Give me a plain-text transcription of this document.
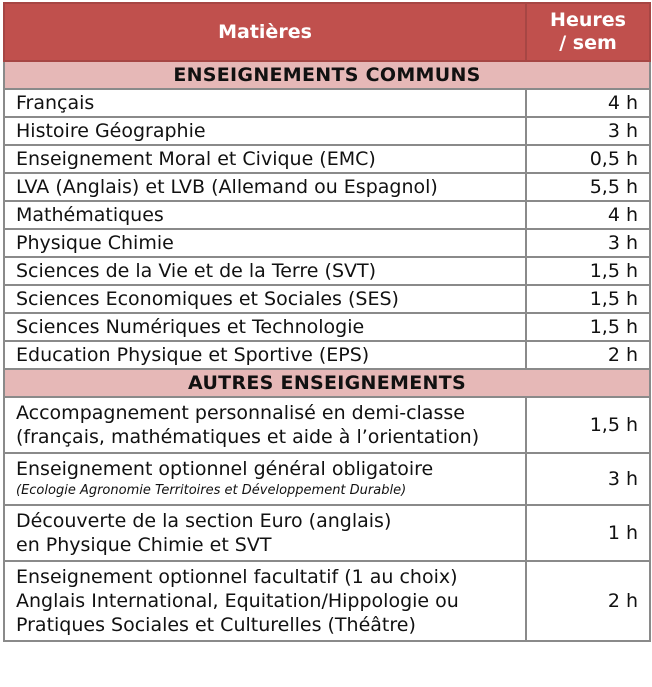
Matières	Heures
/ sem

ENSEIGNEMENTS COMMUNS	
Français	4 h
Histoire Géographie	3 h
Enseignement Moral et Civique (EMC)	0,5 h
LVA (Anglais) et LVB (Allemand ou Espagnol)	5,5 h
Mathématiques	4 h
Physique Chimie	3 h
Sciences de la Vie et de la Terre (SVT)	1,5 h
Sciences Economiques et Sociales (SES)	1,5 h
Sciences Numériques et Technologie	1,5 h
Education Physique et Sportive (EPS)	2 h
AUTRES ENSEIGNEMENTS	

Accompagnement personnalisé en demi-classe
(français, mathématiques et aide à l’orientation)	1,5 h

Enseignement optionnel général obligatoire
(Ecologie Agronomie Territoires et Développement Durable)	3 h

Découverte de la section Euro (anglais)
en Physique Chimie et SVT	1 h

Enseignement optionnel facultatif (1 au choix)
Anglais International, Equitation/Hippologie ou
Pratiques Sociales et Culturelles (Théâtre)	2 h
